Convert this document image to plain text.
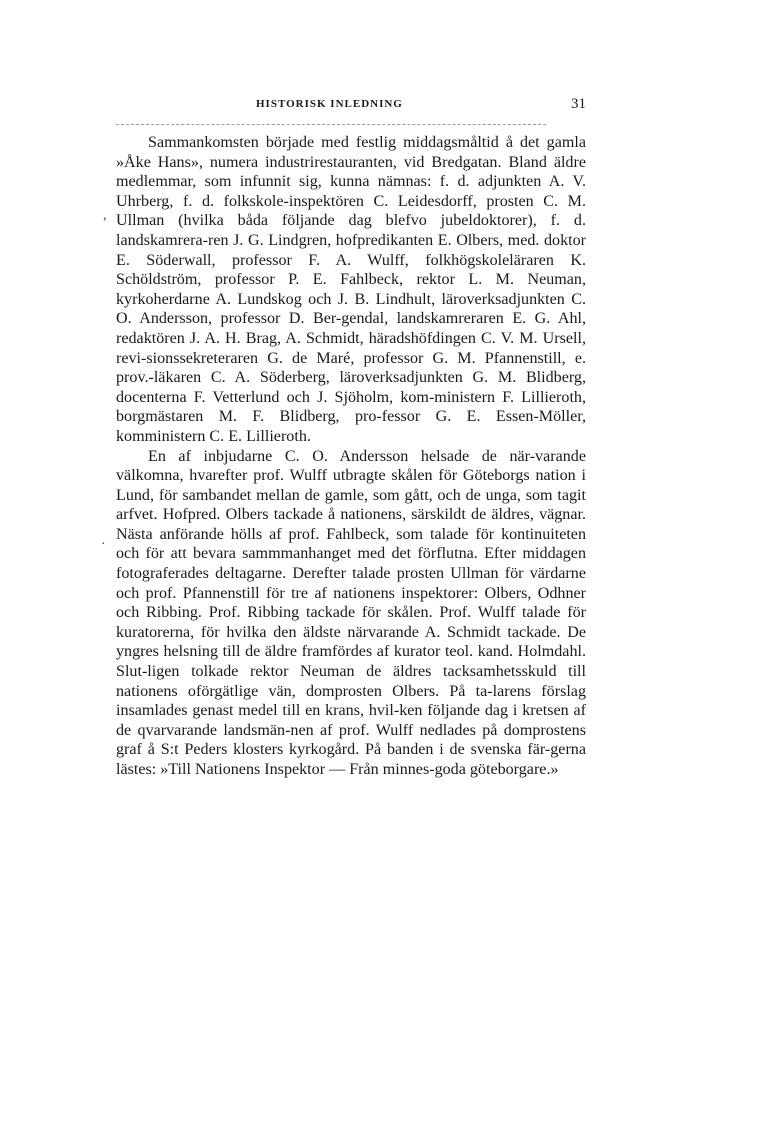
HISTORISK INLEDNING	31
,
·

Sammankomsten började med festlig middagsmåltid å det gamla »Åke Hans», numera industrirestauranten, vid Bredgatan. Bland äldre medlemmar, som infunnit sig, kunna nämnas: f. d. adjunkten A. V. Uhrberg, f. d. folkskole-inspektören C. Leidesdorff, prosten C. M. Ullman (hvilka båda följande dag blefvo jubeldoktorer), f. d. landskamrera-ren J. G. Lindgren, hofpredikanten E. Olbers, med. doktor E. Söderwall, professor F. A. Wulff, folkhögskoleläraren K. Schöldström, professor P. E. Fahlbeck, rektor L. M. Neuman, kyrkoherdarne A. Lundskog och J. B. Lindhult, läroverksadjunkten C. O. Andersson, professor D. Ber-gendal, landskamreraren E. G. Ahl, redaktören J. A. H. Brag, A. Schmidt, häradshöfdingen C. V. M. Ursell, revi-sionssekreteraren G. de Maré, professor G. M. Pfannenstill, e. prov.-läkaren C. A. Söderberg, läroverksadjunkten G. M. Blidberg, docenterna F. Vetterlund och J. Sjöholm, kom-ministern F. Lillieroth, borgmästaren M. F. Blidberg, pro-fessor G. E. Essen-Möller, komministern C. E. Lillieroth.

En af inbjudarne C. O. Andersson helsade de när-varande välkomna, hvarefter prof. Wulff utbragte skålen för Göteborgs nation i Lund, för sambandet mellan de gamle, som gått, och de unga, som tagit arfvet. Hofpred. Olbers tackade å nationens, särskildt de äldres, vägnar. Nästa anförande hölls af prof. Fahlbeck, som talade för kontinuiteten och för att bevara sammmanhanget med det förflutna. Efter middagen fotograferades deltagarne. Derefter talade prosten Ullman för värdarne och prof. Pfannenstill för tre af nationens inspektorer: Olbers, Odhner och Ribbing. Prof. Ribbing tackade för skålen. Prof. Wulff talade för kuratorerna, för hvilka den äldste närvarande A. Schmidt tackade. De yngres helsning till de äldre framfördes af kurator teol. kand. Holmdahl. Slut-ligen tolkade rektor Neuman de äldres tacksamhetsskuld till nationens oförgätlige vän, domprosten Olbers. På ta-larens förslag insamlades genast medel till en krans, hvil-ken följande dag i kretsen af de qvarvarande landsmän-nen af prof. Wulff nedlades på domprostens graf å S:t Peders klosters kyrkogård. På banden i de svenska fär-gerna lästes: »Till Nationens Inspektor — Från minnes-goda göteborgare.»
